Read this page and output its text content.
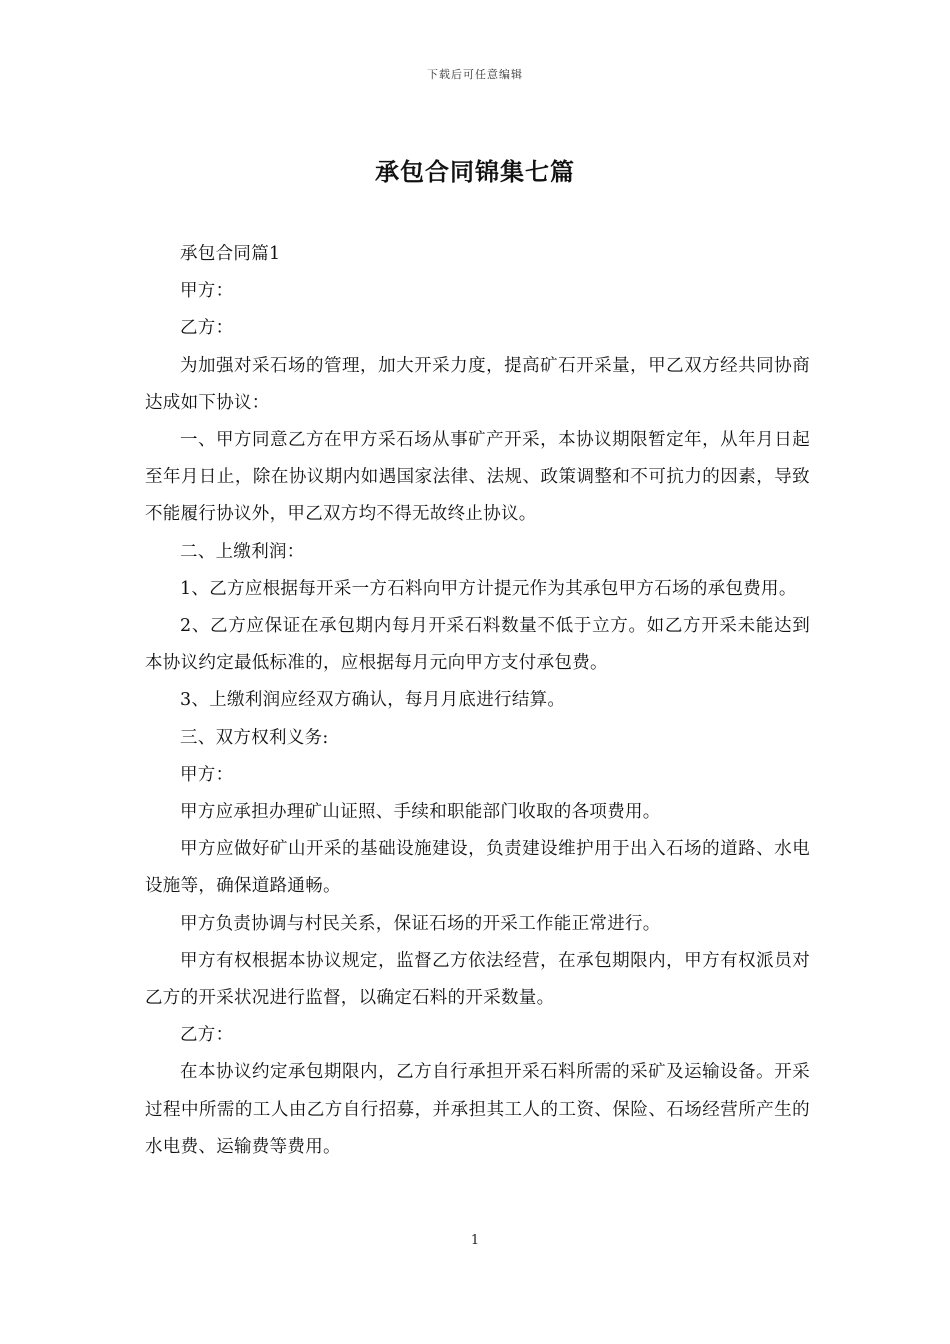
下载后可任意编辑
承包合同锦集七篇

承包合同篇1

甲方：

乙方：

为加强对采石场的管理，加大开采力度，提高矿石开采量，甲乙双方经共同协商达成如下协议：

一、甲方同意乙方在甲方采石场从事矿产开采，本协议期限暂定年，从年月日起至年月日止，除在协议期内如遇国家法律、法规、政策调整和不可抗力的因素，导致不能履行协议外，甲乙双方均不得无故终止协议。

二、上缴利润：

1、乙方应根据每开采一方石料向甲方计提元作为其承包甲方石场的承包费用。

2、乙方应保证在承包期内每月开采石料数量不低于立方。如乙方开采未能达到本协议约定最低标准的，应根据每月元向甲方支付承包费。

3、上缴利润应经双方确认，每月月底进行结算。

三、双方权利义务:

甲方：

甲方应承担办理矿山证照、手续和职能部门收取的各项费用。

甲方应做好矿山开采的基础设施建设，负责建设维护用于出入石场的道路、水电设施等，确保道路通畅。

甲方负责协调与村民关系，保证石场的开采工作能正常进行。

甲方有权根据本协议规定，监督乙方依法经营，在承包期限内，甲方有权派员对乙方的开采状况进行监督，以确定石料的开采数量。

乙方：

在本协议约定承包期限内，乙方自行承担开采石料所需的采矿及运输设备。开采过程中所需的工人由乙方自行招募，并承担其工人的工资、保险、石场经营所产生的水电费、运输费等费用。

1
